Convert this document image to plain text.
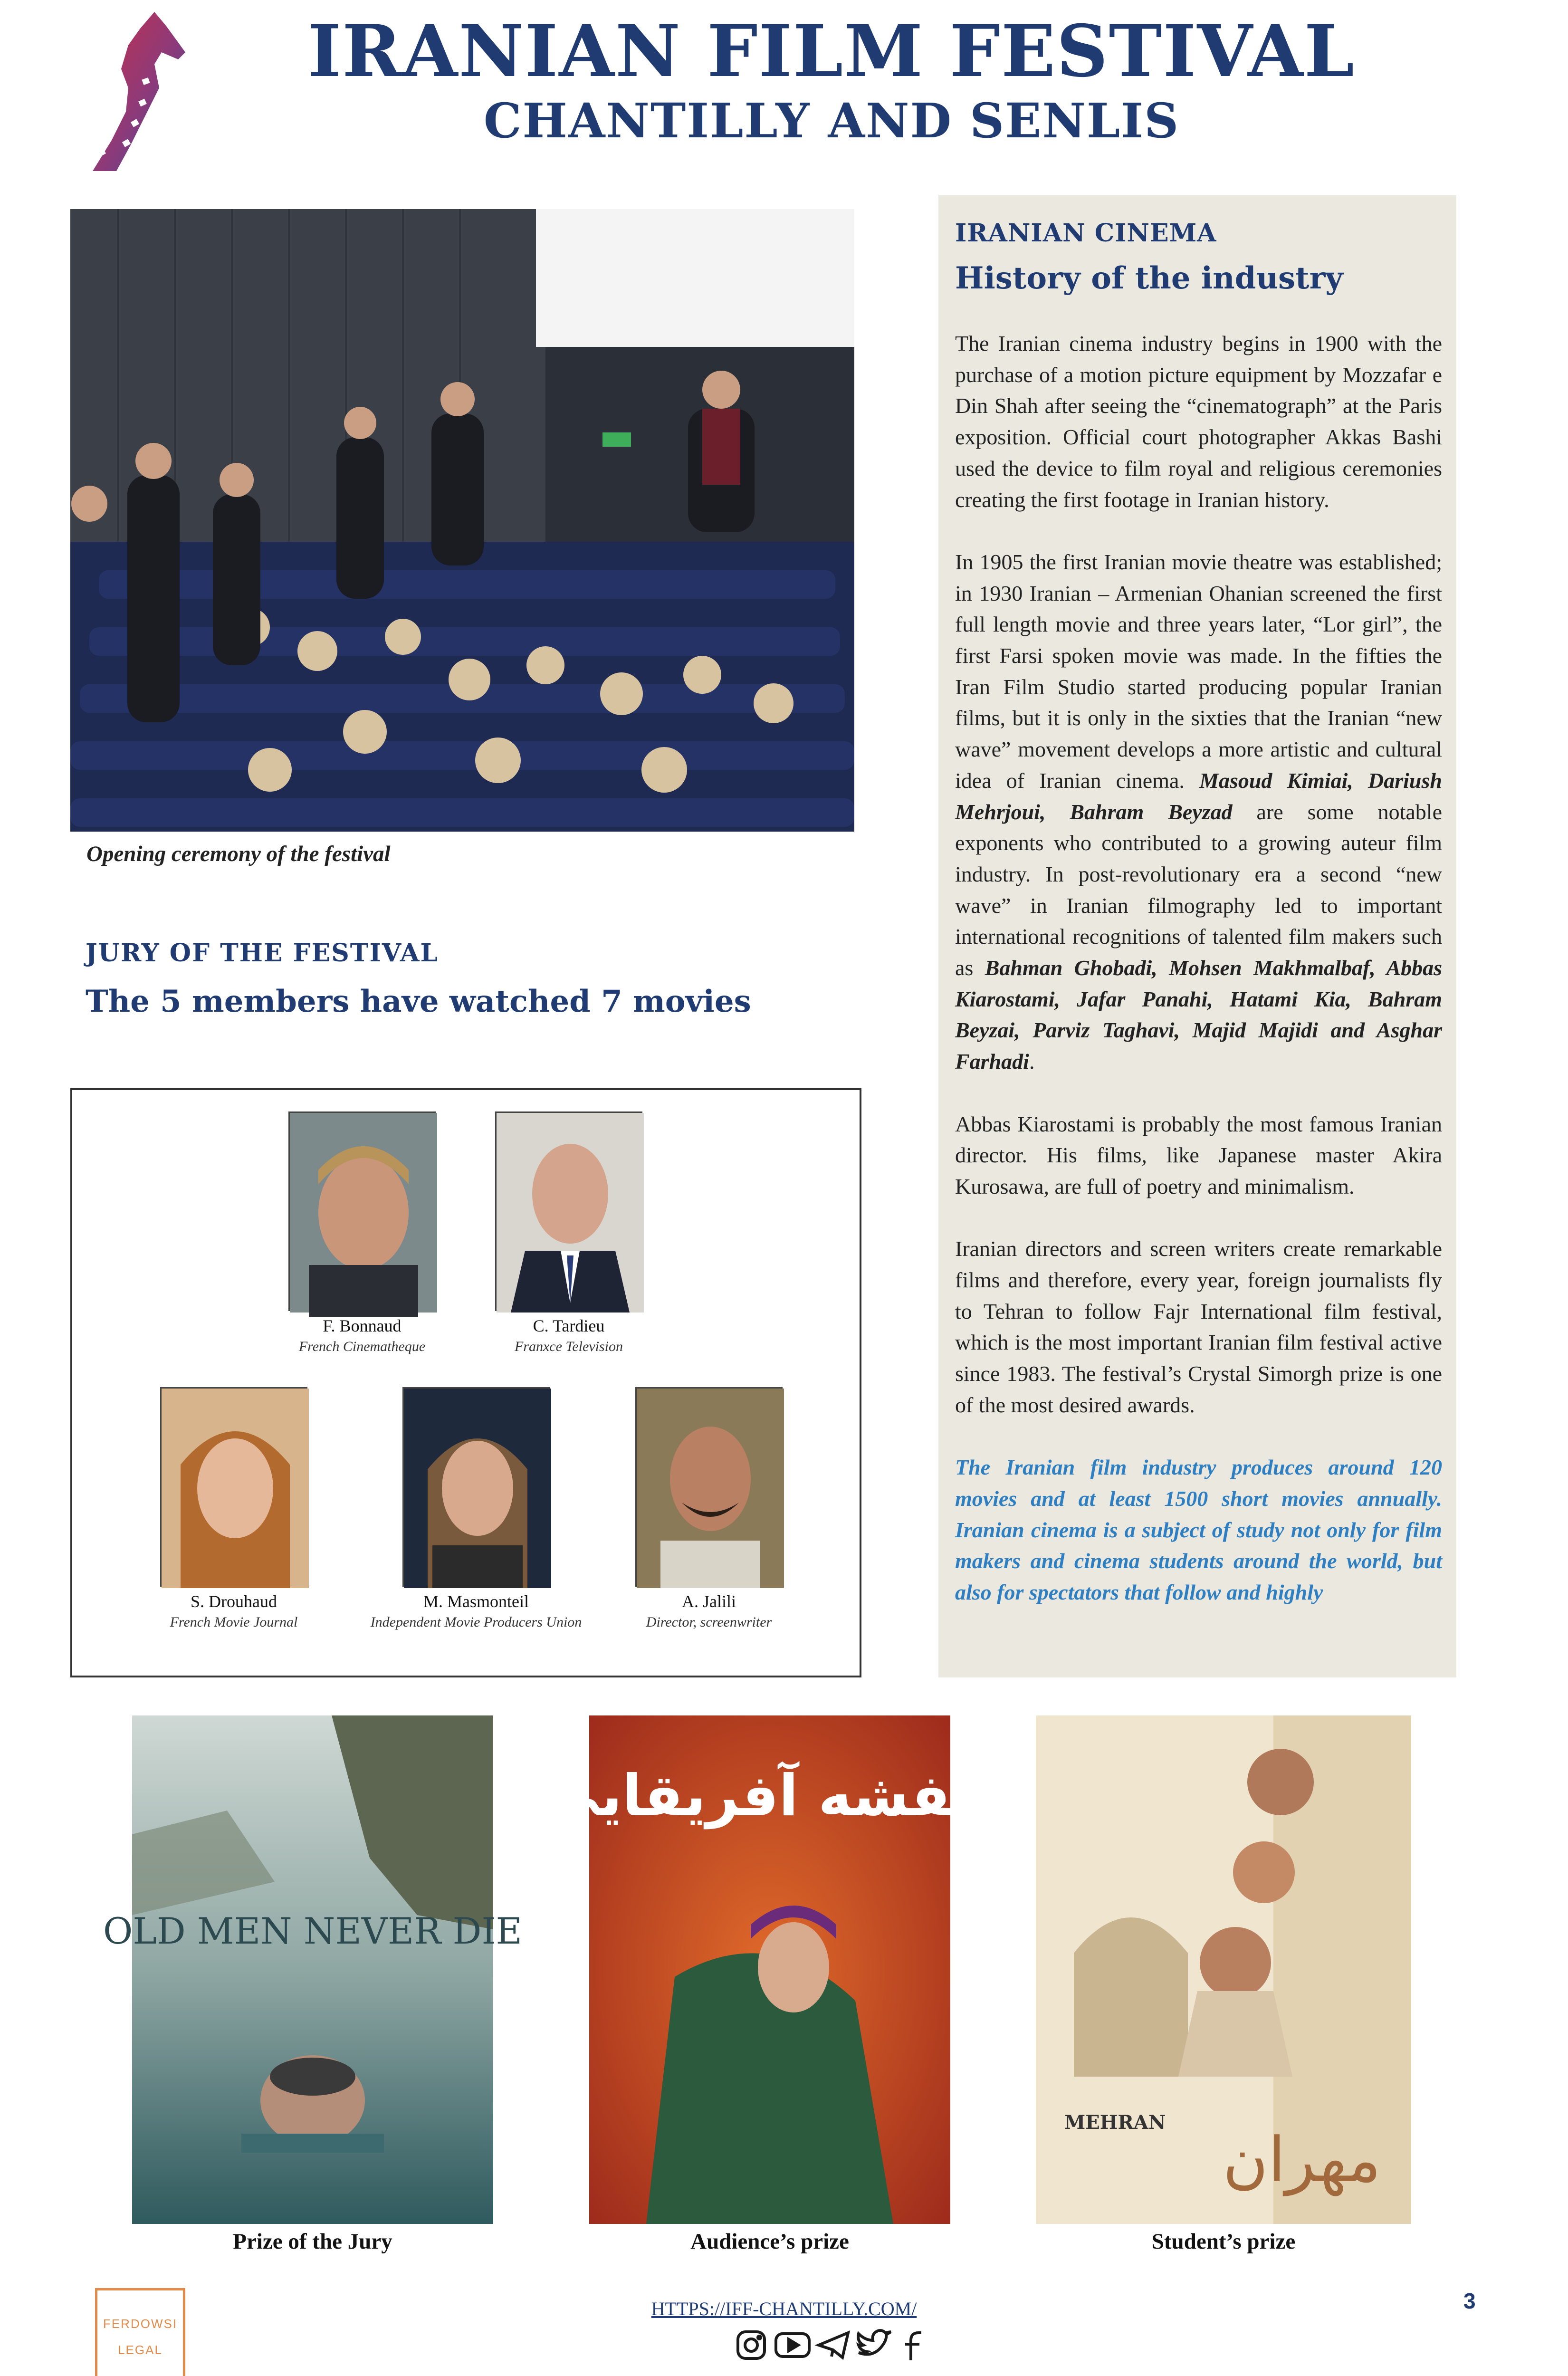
IRANIAN FILM FESTIVAL
CHANTILLY AND SENLIS
Opening ceremony of the festival
JURY OF THE FESTIVAL
The 5 members have watched 7 movies
F. Bonnaud
French Cinematheque
C. Tardieu
Franxce Television
S. Drouhaud
French Movie Journal
M. Masmonteil
Independent Movie Producers Union
A. Jalili
Director, screenwriter
IRANIAN CINEMA
History of the industry

The Iranian cinema industry begins in 1900 with the purchase of a motion picture equipment by Mozzafar e Din Shah after seeing the “cinematograph” at the Paris exposition. Official court photographer Akkas Bashi used the device to film royal and religious ceremonies creating the first footage in Iranian history.

In 1905 the first Iranian movie theatre was established; in 1930 Iranian – Armenian Ohanian screened the first full length movie and three years later, “Lor girl”, the first Farsi spoken movie was made. In the fifties the Iran Film Studio started producing popular Iranian films, but it is only in the sixties that the Iranian “new wave” movement develops a more artistic and cultural idea of Iranian cinema. Masoud Kimiai, Dariush Mehrjoui, Bahram Beyzad are some notable exponents who contributed to a growing auteur film industry. In post-revolutionary era a second “new wave” in Iranian filmography led to important international recognitions of talented film makers such as Bahman Ghobadi, Mohsen Makhmalbaf, Abbas Kiarostami, Jafar Panahi, Hatami Kia, Bahram Beyzai, Parviz Taghavi, Majid Majidi and Asghar Farhadi.

Abbas Kiarostami is probably the most famous Iranian director. His films, like Japanese master Akira Kurosawa, are full of poetry and minimalism.

Iranian directors and screen writers create remarkable films and therefore, every year, foreign journalists fly to Tehran to follow Fajr International film festival, which is the most important Iranian film festival active since 1983. The festival’s Crystal Simorgh prize is one of the most desired awards.

The Iranian film industry produces around 120 movies and at least 1500 short movies annually. Iranian cinema is a subject of study not only for film makers and cinema students around the world, but also for spectators that follow and highly

OLD MEN NEVER DIE
Prize of the Jury
بنفشه آفریقایی
Audience’s prize
MEHRAN
مهران
Student’s prize
FERDOWSI
LEGAL
HTTPS://IFF-CHANTILLY.COM/	3
